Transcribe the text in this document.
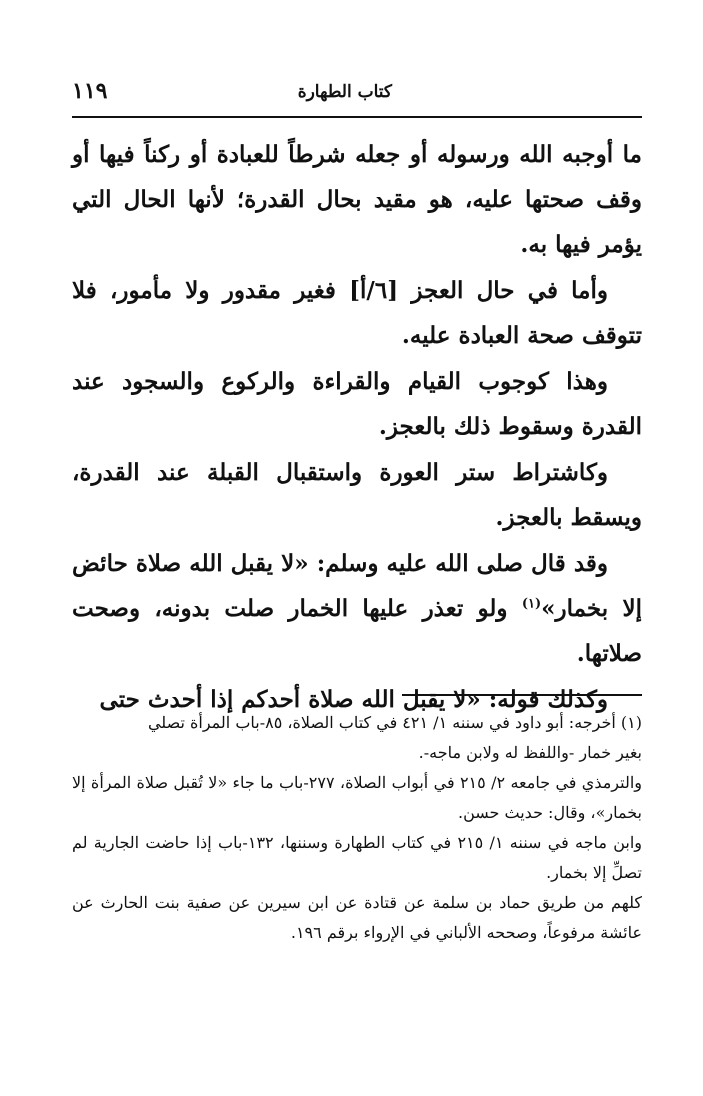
كتاب الطهارة
١١٩

ما أوجبه الله ورسوله أو جعله شرطاً للعبادة أو ركناً فيها أو وقف صحتها عليه، هو مقيد بحال القدرة؛ لأنها الحال التي يؤمر فيها به.

وأما في حال العجز [٦/أ] فغير مقدور ولا مأمور، فلا تتوقف صحة العبادة عليه.

وهذا كوجوب القيام والقراءة والركوع والسجود عند القدرة وسقوط ذلك بالعجز.

وكاشتراط ستر العورة واستقبال القبلة عند القدرة، ويسقط بالعجز.

وقد قال صلى الله عليه وسلم: «لا يقبل الله صلاة حائض إلا بخمار»$^{(١)}$ ولو تعذر عليها الخمار صلت بدونه، وصحت صلاتها.

وكذلك قوله: «لا يقبل الله صلاة أحدكم إذا أحدث حتى

(١) أخرجه: أبو داود في سننه ١/ ٤٢١ في كتاب الصلاة، ٨٥-باب المرأة تصلي

بغير خمار -واللفظ له ولابن ماجه-.

والترمذي في جامعه ٢/ ٢١٥ في أبواب الصلاة، ٢٧٧-باب ما جاء «لا تُقبل صلاة المرأة إلا بخمار»، وقال: حديث حسن.

وابن ماجه في سننه ١/ ٢١٥ في كتاب الطهارة وسننها، ١٣٢-باب إذا حاضت الجارية لم تصلِّ إلا بخمار.

كلهم من طريق حماد بن سلمة عن قتادة عن ابن سيرين عن صفية بنت الحارث عن عائشة مرفوعاً، وصححه الألباني في الإرواء برقم ١٩٦.
